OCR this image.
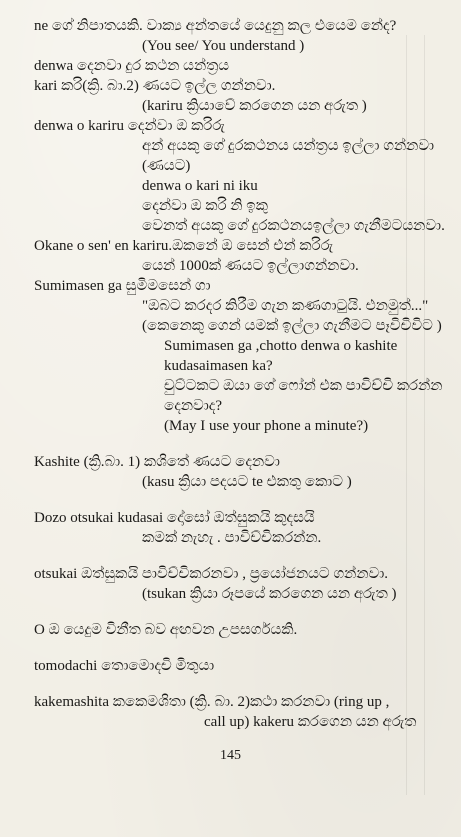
ne ගේ නිපාතයකි. වාක්‍ය අන්තයේ යෙදුනු කල එයෙම නේද?
(You see/ You understand )
denwa දෙනවා දුර කථන යන්ත්‍රය
kari කරි(ක්‍රි. බා.2) ණයට ඉල්ල ගන්නවා.
(kariru ක්‍රියාවේ කරගෙන යන අරුත )
denwa o kariru දෙන්වා ඔ කරිරු
අන් අයකු ගේ දුරකථනය යන්ත්‍රය ඉල්ලා ගන්නවා
(ණයට)
denwa o kari ni iku
දෙන්වා ඔ කරි නි ඉකු
වෙනත් අයකු ගේ දුරකථනයඉල්ලා ගැනීමටයනවා.
Okane o sen' en kariru.ඔකනේ ඔ සෙන් එන් කරිරු
යෙන් 1000ක් ණයට ඉල්ලාගන්නවා.
Sumimasen ga සුමිමසෙන් ගා
"ඔබට කරදර කිරීම ගැන කණගාටුයි. එනමුත්..."
(කෙනෙකු ගෙන් යමක් ඉල්ලා ගැනීමට පෑවිචිවිට )
Sumimasen ga ,chotto denwa o kashite
kudasaimasen ka?
චුට්ටකට ඔයා ගේ ෆෝන් එක පාවිච්චි කරන්න
දෙනවාද?
(May I use your phone a minute?)
Kashite (ක්‍රි.බා. 1) කශිතේ ණයට දෙනවා
(kasu ක්‍රියා පදයට te එකතු කොට )
Dozo otsukai kudasai දෝසෝ ඔත්සුකයි කුදසයි
කමක් නැහැ . පාවිච්චිකරන්න.
otsukai ඔත්සුකයි පාවිච්චිකරනවා , ප්‍රයෝජනයට ගන්නවා.
(tsukan ක්‍රියා රූපයේ කරගෙන යන අරුත )
O ඔ යෙදුම විනීත බව අඟවන උපසර්ගයකි.
tomodachi තොමොදචි මිතුයා
kakemashita කකෙමශිතා (ක්‍රි. බා. 2)කථා කරනවා (ring up ,
call up) kakeru කරගෙන යන අරුත
145
